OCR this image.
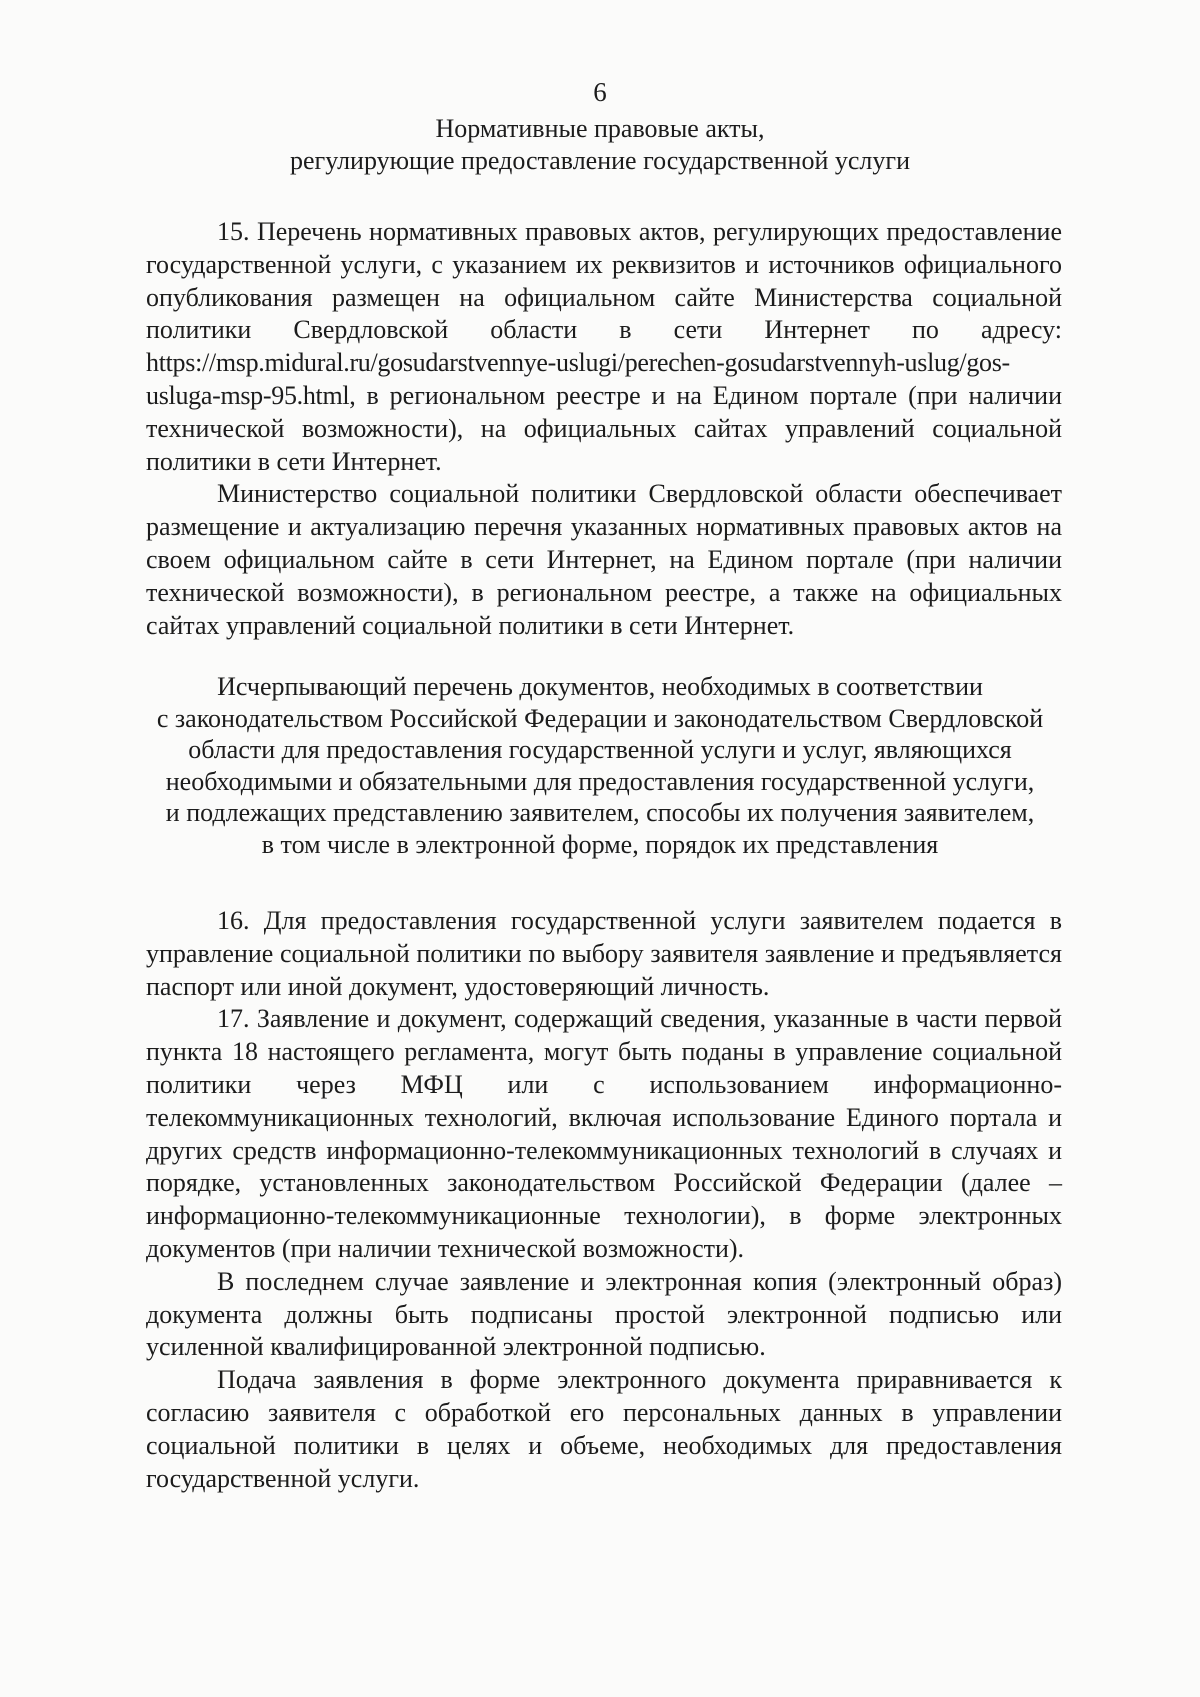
6
Нормативные правовые акты,
регулирующие предоставление государственной услуги

15. Перечень нормативных правовых актов, регулирующих предоставление государственной услуги, с указанием их реквизитов и источников официального опубликования размещен на официальном сайте Министерства социальной политики Свердловской области в сети Интернет по адресу: https://msp.midural.ru/gosudarstvennye-uslugi/perechen-gosudarstvennyh-uslug/gos-usluga-msp-95.html, в региональном реестре и на Едином портале (при наличии технической возможности), на официальных сайтах управлений социальной политики в сети Интернет.

Министерство социальной политики Свердловской области обеспечивает размещение и актуализацию перечня указанных нормативных правовых актов на своем официальном сайте в сети Интернет, на Едином портале (при наличии технической возможности), в региональном реестре, а также на официальных сайтах управлений социальной политики в сети Интернет.

Исчерпывающий перечень документов, необходимых в соответствии
с законодательством Российской Федерации и законодательством Свердловской
области для предоставления государственной услуги и услуг, являющихся
необходимыми и обязательными для предоставления государственной услуги,
и подлежащих представлению заявителем, способы их получения заявителем,
в том числе в электронной форме, порядок их представления

16. Для предоставления государственной услуги заявителем подается в управление социальной политики по выбору заявителя заявление и предъявляется паспорт или иной документ, удостоверяющий личность.

17. Заявление и документ, содержащий сведения, указанные в части первой пункта 18 настоящего регламента, могут быть поданы в управление социальной политики через МФЦ или с использованием информационно-телекоммуникационных технологий, включая использование Единого портала и других средств информационно-телекоммуникационных технологий в случаях и порядке, установленных законодательством Российской Федерации (далее – информационно-телекоммуникационные технологии), в форме электронных документов (при наличии технической возможности).

В последнем случае заявление и электронная копия (электронный образ) документа должны быть подписаны простой электронной подписью или усиленной квалифицированной электронной подписью.

Подача заявления в форме электронного документа приравнивается к согласию заявителя с обработкой его персональных данных в управлении социальной политики в целях и объеме, необходимых для предоставления государственной услуги.
